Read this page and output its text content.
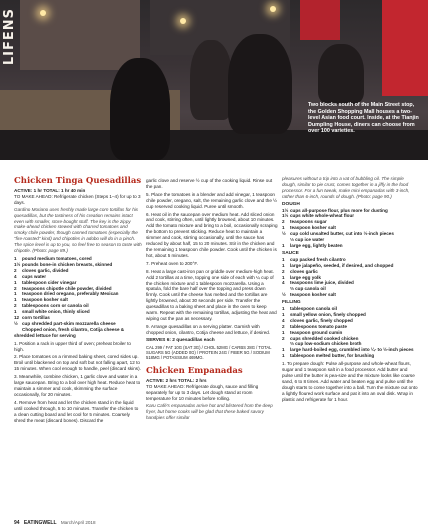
LIFENS
Two blocks south of the Main Street stop, the Golden Shopping Mall houses a two-level Asian food court. Inside, at the Tianjin Dumpling House, diners can choose from over 100 varieties.
Chicken Tinga Quesadillas
ACTIVE: 1 hr TOTAL: 1 hr 40 min
TO MAKE AHEAD: Refrigerate chicken (Steps 1–4) for up to 3 days.
Gardino Moriano uses freshly made large corn tortillas for his quesadillas, but the tastiness of his creation remains intact even with smaller, store-bought stuff. The key is the zippy make-ahead chicken stewed with charred tomatoes and smoky chile powder, though canned tomatoes (especially the "fire-roasted" kind) and chipotles in adobo will do in a pinch. The spice level is up to you, so feel free to season to taste with chipotle. (Photo: page 89.)
1 pound medium tomatoes, cored
1½ pounds bone-in chicken breasts, skinned
2 cloves garlic, divided
4 cups water
1 tablespoon cider vinegar
2 teaspoons chipotle chile powder, divided
1 teaspoon dried oregano, preferably Mexican
1 teaspoon kosher salt
2 tablespoons corn or canola oil
1 small white onion, thinly sliced
12 corn tortillas
½ cup shredded part-skim mozzarella cheese
Chopped onion, fresh cilantro, Cotija cheese & shredded lettuce for serving
1. Position a rack in upper third of oven; preheat broiler to high.
2. Place tomatoes on a rimmed baking sheet, cored sides up. Broil until blackened on top and soft but not falling apart, 12 to 15 minutes. When cool enough to handle, peel (discard skins).
3. Meanwhile, combine chicken, 1 garlic clove and water in a large saucepan. Bring to a boil over high heat. Reduce heat to maintain a simmer and cook, skimming the surface occasionally, for 20 minutes.
4. Remove from heat and let the chicken stand in the liquid until cooked through, 5 to 10 minutes. Transfer the chicken to a clean cutting board and let cool for 5 minutes. Coarsely shred the meat (discard bones). Discard the
garlic clove and reserve ½ cup of the cooking liquid. Rinse out the pan.
5. Place the tomatoes in a blender and add vinegar, 1 teaspoon chile powder, oregano, salt, the remaining garlic clove and the ½ cup reserved cooking liquid. Puree until smooth.
6. Heat oil in the saucepan over medium heat. Add sliced onion and cook, stirring often, until lightly browned, about 10 minutes. Add the tomato mixture and bring to a boil, occasionally scraping the bottom to prevent sticking. Reduce heat to maintain a simmer and cook, stirring occasionally, until the sauce has reduced by about half, 15 to 20 minutes. Stir in the chicken and the remaining 1 teaspoon chile powder. Cook until the chicken is hot, about 5 minutes.
7. Preheat oven to 200°F.
8. Heat a large cast-iron pan or griddle over medium-high heat. Add 2 tortillas at a time, topping one side of each with ¼ cup of the chicken mixture and 1 tablespoon mozzarella. Using a spatula, fold the bare half over the topping and press down firmly. Cook until the cheese has melted and the tortillas are lightly browned, about 30 seconds per side. Transfer the quesadillas to a baking sheet and place in the oven to keep warm. Repeat with the remaining tortillas, adjusting the heat and wiping out the pan as necessary.
9. Arrange quesadillas on a serving platter. Garnish with chopped onion, cilantro, Cotija cheese and lettuce, if desired.
SERVES 6: 2 quesadillas each
CAL 299 / FAT 10G (SAT 3G) / CHOL 52MG / CARBS 28G / TOTAL SUGARS 5G (ADDED 0G) / PROTEIN 24G / FIBER 5G / SODIUM 518MG / POTASSIUM 469MG.
Chicken Empanadas
ACTIVE: 2 hrs TOTAL: 2 hrs
TO MAKE AHEAD: Refrigerate dough, sauce and filling separately for up to 3 days. Let dough stand at room temperature for 10 minutes before rolling.
Karu Café's empanadas arrive hot and blistered from the deep fryer, but home cooks will be glad that these baked savory handpies offer similar
pleasures without a trip into a vat of bubbling oil. The simple dough, similar to pie crust, comes together in a jiffy in the food processor. For a fun tweak, make mini empanadas with 3-inch, rather than 6-inch, rounds of dough. (Photo: page 90.)
DOUGH
1½ cups all-purpose flour, plus more for dusting
1½ cups white whole-wheat flour
2 teaspoons sugar
1 teaspoon kosher salt
½ cup cold unsalted butter, cut into ½-inch pieces
⅓ cup ice water
1 large egg, lightly beaten
SAUCE
1 cup packed fresh cilantro
1 large jalapeño, seeded, if desired, and chopped
2 cloves garlic
1 large egg yolk
4 teaspoons lime juice, divided
⅔ cup canola oil
½ teaspoon kosher salt
FILLING
1 tablespoon canola oil
1 small yellow onion, finely chopped
4 cloves garlic, finely chopped
2 tablespoons tomato paste
1 teaspoon ground cumin
2 cups shredded cooked chicken
⅔ cup low-sodium chicken broth
1 large hard-boiled egg, crumbled into ¼- to ½-inch pieces
1 tablespoon melted butter, for brushing
1. To prepare dough: Pulse all-purpose and whole-wheat flours, sugar and 1 teaspoon salt in a food processor. Add butter and pulse until the butter is pea-size and the mixture looks like coarse sand, 6 to 8 times. Add water and beaten egg and pulse until the dough starts to come together into a ball. Turn the mixture out onto a lightly floured work surface and pat it into an oval disk. Wrap in plastic and refrigerate for 1 hour.
94 EATINGWELL March/April 2018
